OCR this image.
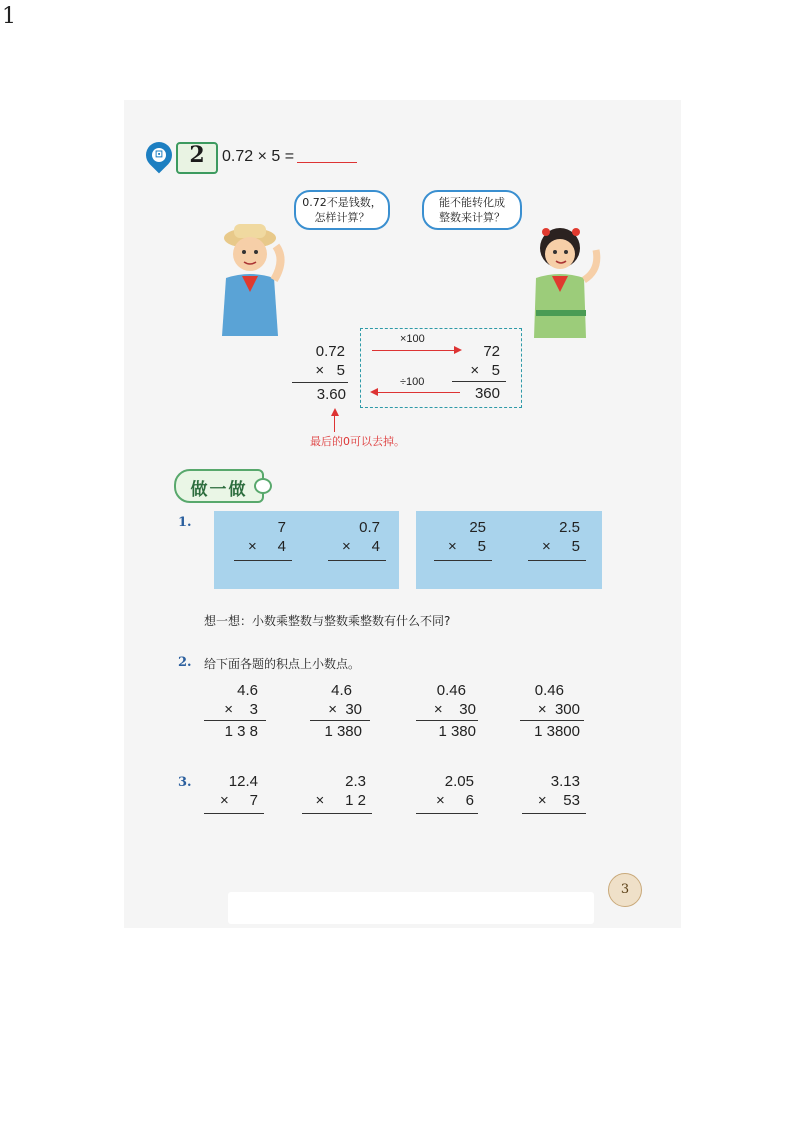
1
⊡	2	0.72 × 5 =
0.72不是钱数，
怎样计算？
能不能转化成
整数来计算？
0.72
×   5
3.60
×100
÷100
72
×   5
360
最后的0可以去掉。
做一做
1.	7
×     4
0.7
×     4
25
×     5
2.5
×     5
想一想：小数乘整数与整数乘整数有什么不同?
2. 给下面各题的积点上小数点。
4.6
×    3
1 3 8
4.6
×  30
1 380
0.46
×    30
1 380
0.46
×  300
1 3800
3.	12.4
×     7
2.3
×     1 2
2.05
×     6
3.13
×    53
3
